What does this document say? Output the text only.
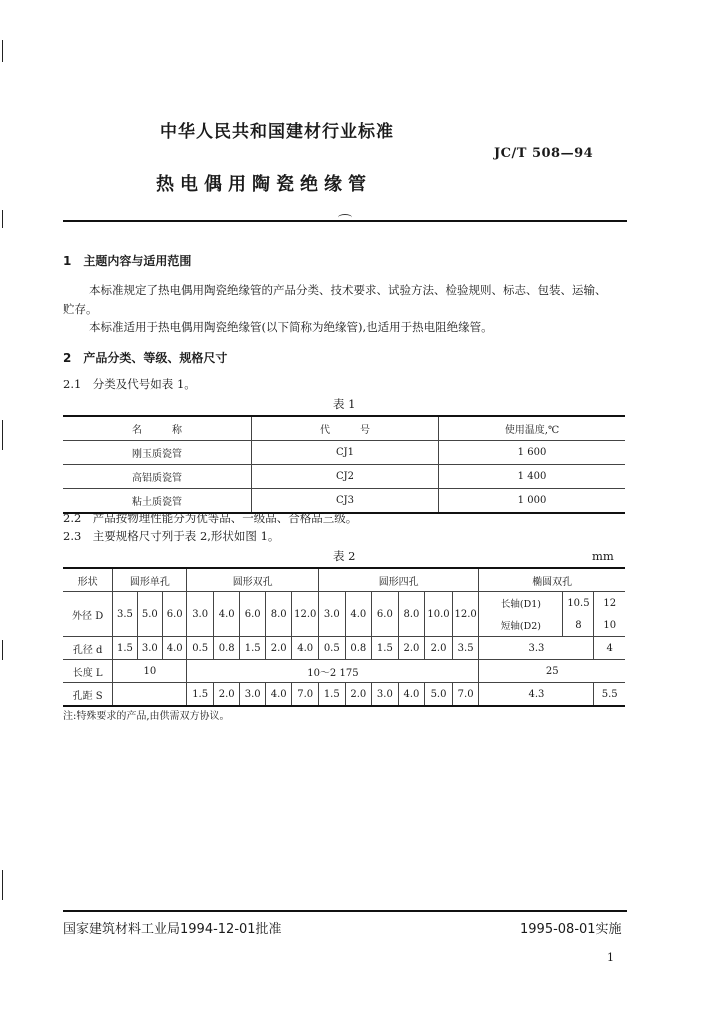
中华人民共和国建材行业标准
JC/T 508—94
热电偶用陶瓷绝缘管
1　主题内容与适用范围
本标准规定了热电偶用陶瓷绝缘管的产品分类、技术要求、试验方法、检验规则、标志、包装、运输、
贮存。
本标准适用于热电偶用陶瓷绝缘管(以下简称为绝缘管),也适用于热电阻绝缘管。
2　产品分类、等级、规格尺寸
2.1　分类及代号如表 1。
表 1
名　　　称	代　　　号	使用温度,℃
刚玉质瓷管	CJ1	1 600
高铝质瓷管	CJ2	1 400
粘土质瓷管	CJ3	1 000
2.2　产品按物理性能分为优等品、一级品、合格品三级。
2.3　主要规格尺寸列于表 2,形状如图 1。
表 2	mm
形状	圆形单孔			圆形双孔					圆形四孔						椭圆双孔		
外径 D	3.5	5.0	6.0	3.0	4.0	6.0	8.0	12.0	3.0	4.0	6.0	8.0	10.0	12.0	长轴(D1)	10.5	12
															短轴(D2)	8	10
孔径 d	1.5	3.0	4.0	0.5	0.8	1.5	2.0	4.0	0.5	0.8	1.5	2.0	2.0	3.5	3.3		4
长度 L	10			10～2 175											25		
孔距 S				1.5	2.0	3.0	4.0	7.0	1.5	2.0	3.0	4.0	5.0	7.0	4.3		5.5
注:特殊要求的产品,由供需双方协议。
国家建筑材料工业局1994-12-01批准	1995-08-01实施
1
